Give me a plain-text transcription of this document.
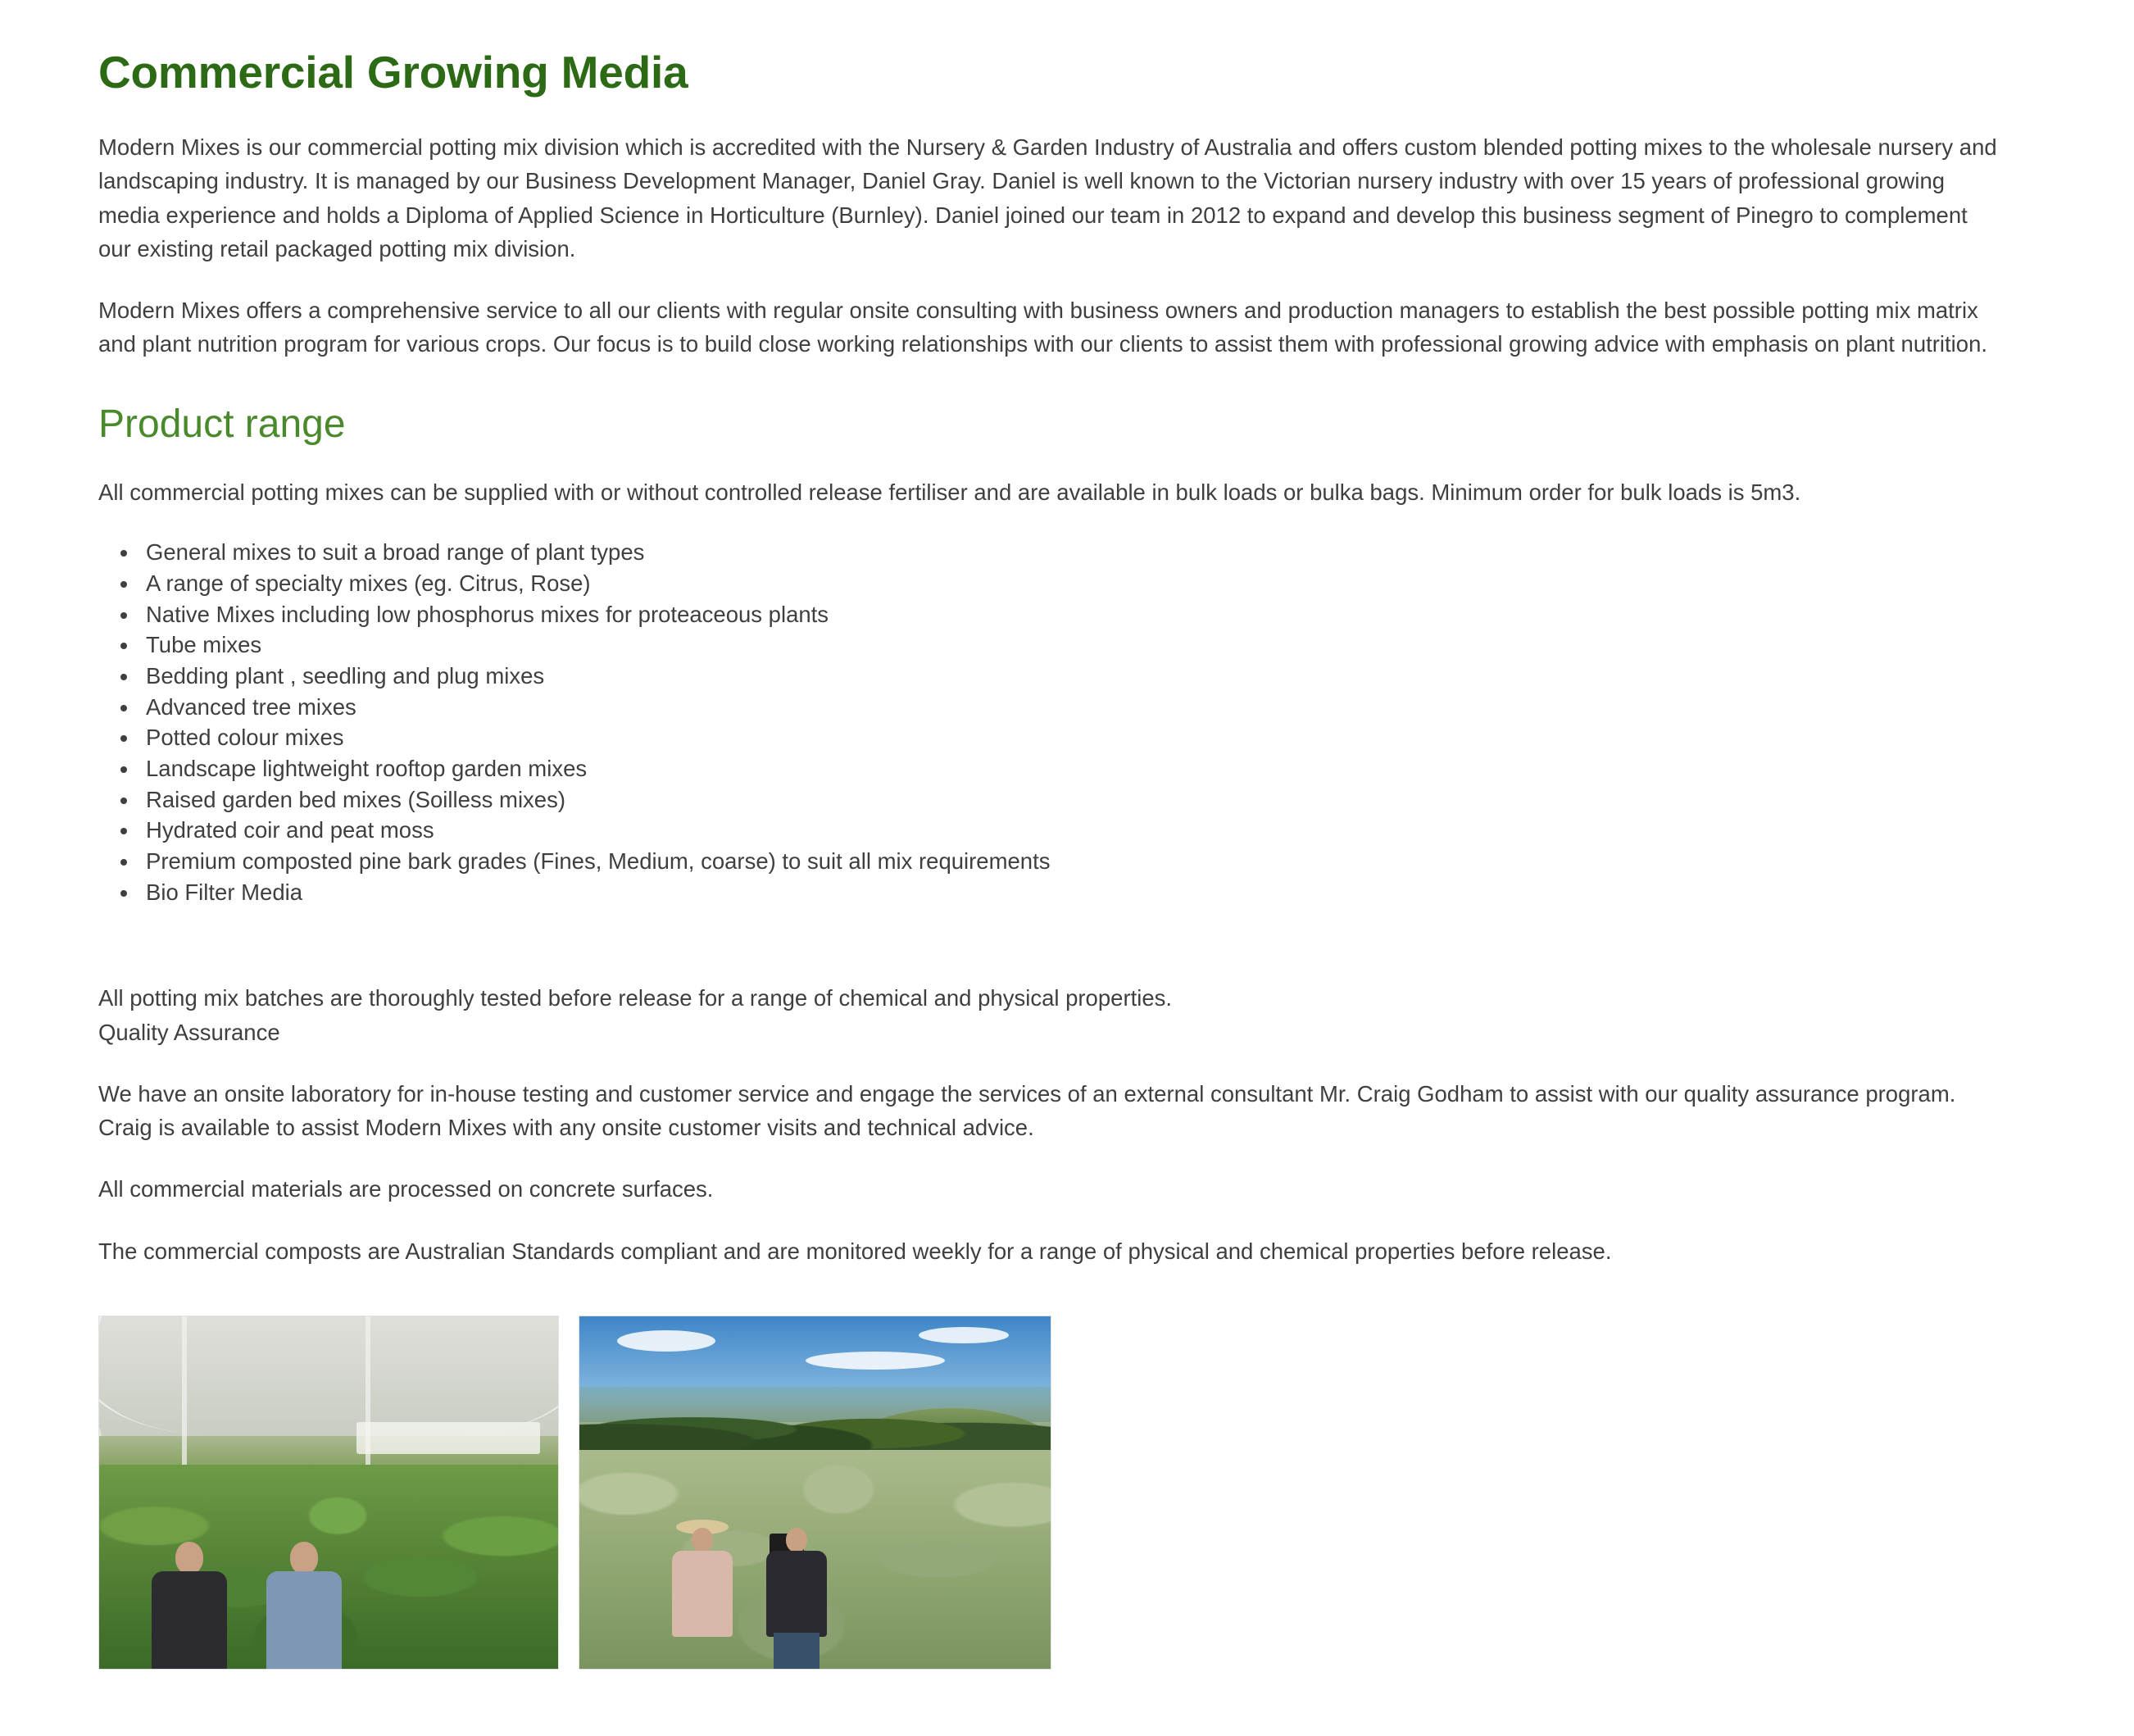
Commercial Growing Media

Modern Mixes is our commercial potting mix division which is accredited with the Nursery & Garden Industry of Australia and offers custom blended potting mixes to the wholesale nursery and landscaping industry. It is managed by our Business Development Manager, Daniel Gray. Daniel is well known to the Victorian nursery industry with over 15 years of professional growing media experience and holds a Diploma of Applied Science in Horticulture (Burnley). Daniel joined our team in 2012 to expand and develop this business segment of Pinegro to complement our existing retail packaged potting mix division.

Modern Mixes offers a comprehensive service to all our clients with regular onsite consulting with business owners and production managers to establish the best possible potting mix matrix and plant nutrition program for various crops. Our focus is to build close working relationships with our clients to assist them with professional growing advice with emphasis on plant nutrition.

Product range

All commercial potting mixes can be supplied with or without controlled release fertiliser and are available in bulk loads or bulka bags. Minimum order for bulk loads is 5m3.

• General mixes to suit a broad range of plant types
• A range of specialty mixes (eg. Citrus, Rose)
• Native Mixes including low phosphorus mixes for proteaceous plants
• Tube mixes
• Bedding plant , seedling and plug mixes
• Advanced tree mixes
• Potted colour mixes
• Landscape lightweight rooftop garden mixes
• Raised garden bed mixes (Soilless mixes)
• Hydrated coir and peat moss
• Premium composted pine bark grades (Fines, Medium, coarse) to suit all mix requirements
• Bio Filter Media

All potting mix batches are thoroughly tested before release for a range of chemical and physical properties.

Quality Assurance

We have an onsite laboratory for in-house testing and customer service and engage the services of an external consultant Mr. Craig Godham to assist with our quality assurance program. Craig is available to assist Modern Mixes with any onsite customer visits and technical advice.

All commercial materials are processed on concrete surfaces.

The commercial composts are Australian Standards compliant and are monitored weekly for a range of physical and chemical properties before release.
